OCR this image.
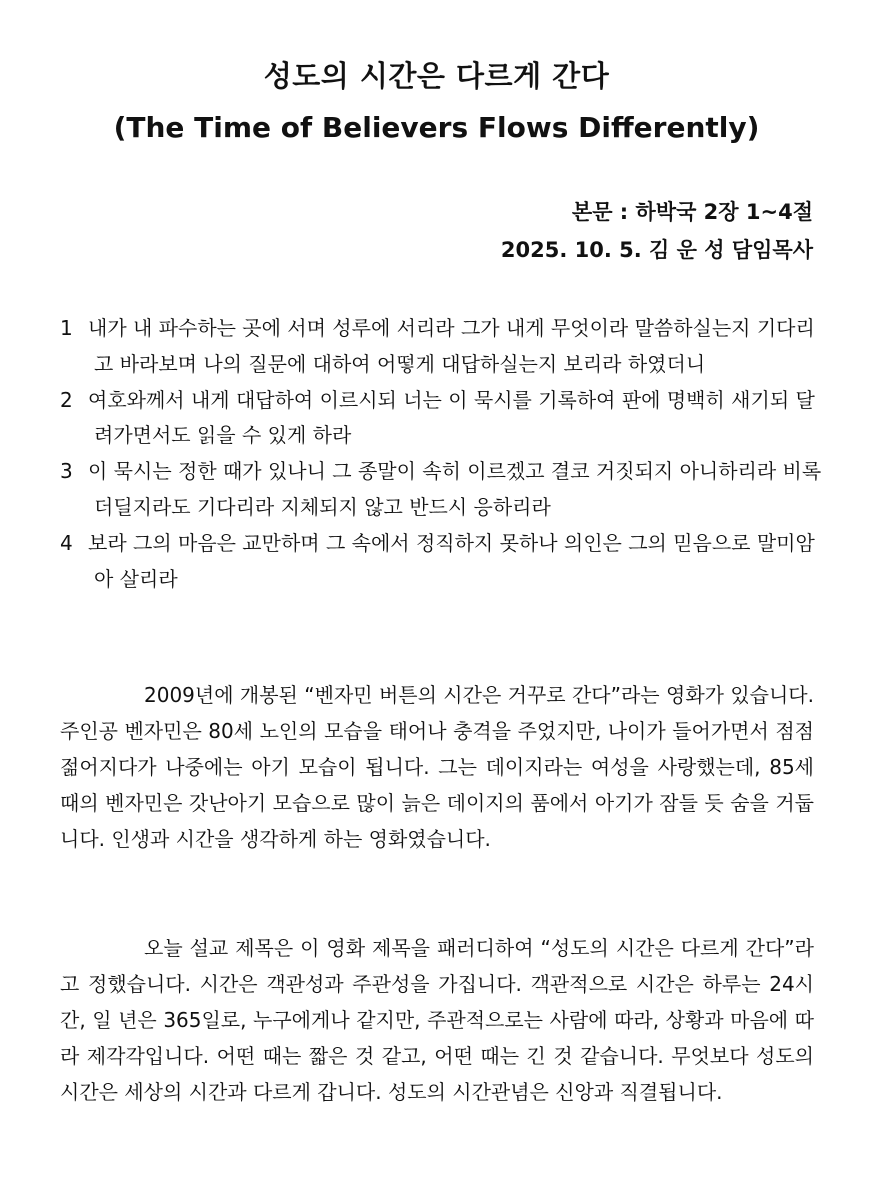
성도의 시간은 다르게 간다
(The Time of Believers Flows Differently)
본문 : 하박국 2장 1~4절
2025. 10. 5. 김 운 성 담임목사

1 내가 내 파수하는 곳에 서며 성루에 서리라 그가 내게 무엇이라 말씀하실는지 기다리고 바라보며 나의 질문에 대하여 어떻게 대답하실는지 보리라 하였더니

2 여호와께서 내게 대답하여 이르시되 너는 이 묵시를 기록하여 판에 명백히 새기되 달려가면서도 읽을 수 있게 하라

3 이 묵시는 정한 때가 있나니 그 종말이 속히 이르겠고 결코 거짓되지 아니하리라 비록 더딜지라도 기다리라 지체되지 않고 반드시 응하리라

4 보라 그의 마음은 교만하며 그 속에서 정직하지 못하나 의인은 그의 믿음으로 말미암아 살리라

2009년에 개봉된 “벤자민 버튼의 시간은 거꾸로 간다”라는 영화가 있습니다. 주인공 벤자민은 80세 노인의 모습을 태어나 충격을 주었지만, 나이가 들어가면서 점점 젊어지다가 나중에는 아기 모습이 됩니다. 그는 데이지라는 여성을 사랑했는데, 85세 때의 벤자민은 갓난아기 모습으로 많이 늙은 데이지의 품에서 아기가 잠들 듯 숨을 거둡니다. 인생과 시간을 생각하게 하는 영화였습니다.

오늘 설교 제목은 이 영화 제목을 패러디하여 “성도의 시간은 다르게 간다”라고 정했습니다. 시간은 객관성과 주관성을 가집니다. 객관적으로 시간은 하루는 24시간, 일 년은 365일로, 누구에게나 같지만, 주관적으로는 사람에 따라, 상황과 마음에 따라 제각각입니다. 어떤 때는 짧은 것 같고, 어떤 때는 긴 것 같습니다. 무엇보다 성도의 시간은 세상의 시간과 다르게 갑니다. 성도의 시간관념은 신앙과 직결됩니다.
